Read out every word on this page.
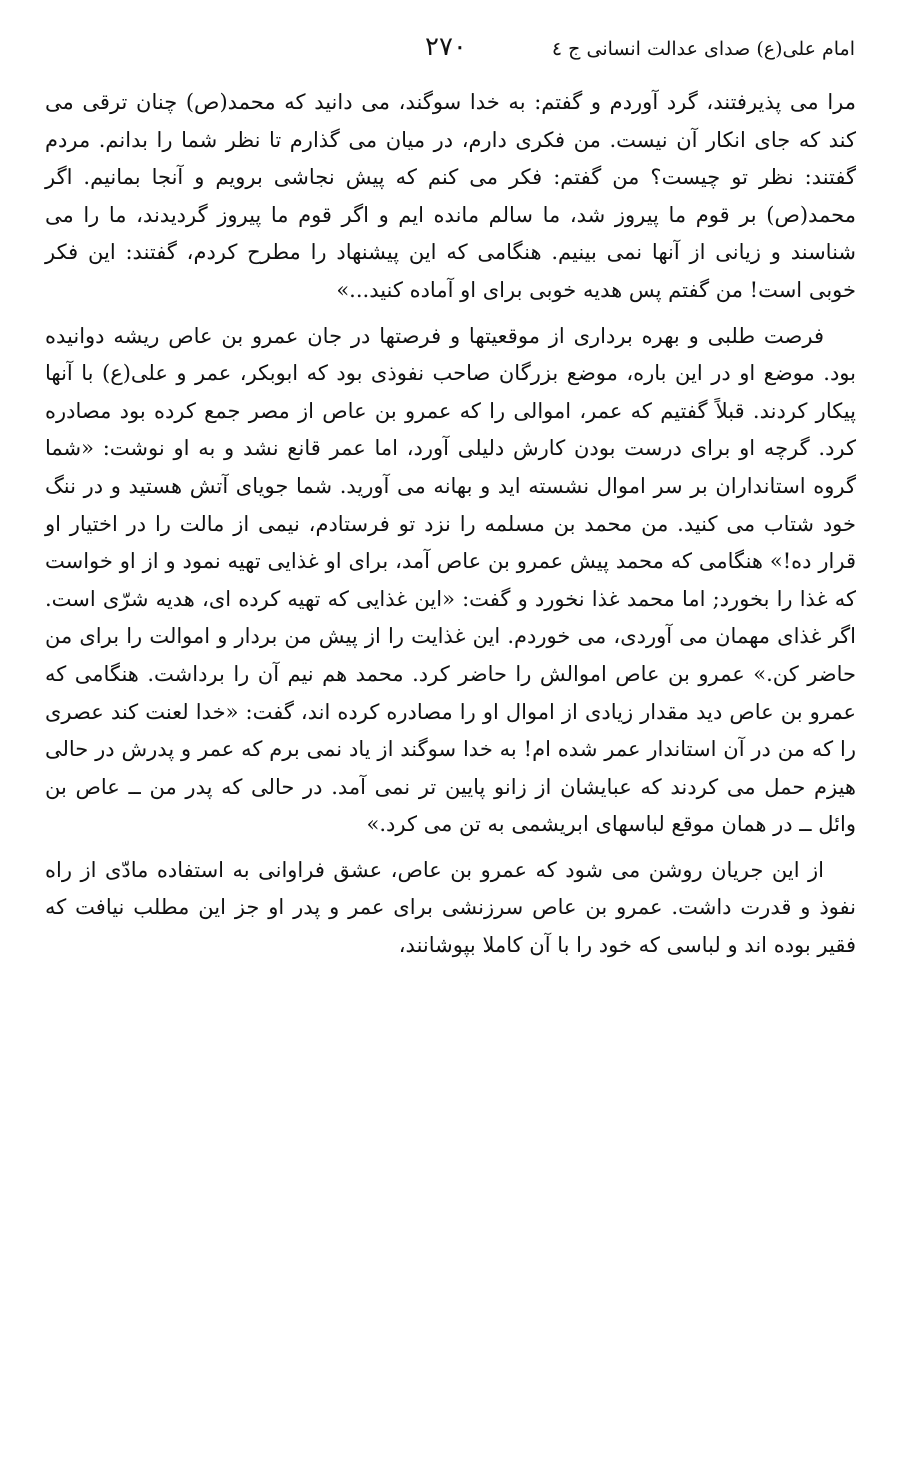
امام علی(ع) صدای عدالت انسانی ج ٤
۲۷۰

مرا می پذیرفتند، گرد آوردم و گفتم: به خدا سوگند، می دانید که محمد(ص) چنان ترقی می کند که جای انکار آن نیست. من فکری دارم، در میان می گذارم تا نظر شما را بدانم. مردم گفتند: نظر تو چیست؟ من گفتم: فکر می کنم که پیش نجاشی برویم و آنجا بمانیم. اگر محمد(ص) بر قوم ما پیروز شد، ما سالم مانده ایم و اگر قوم ما پیروز گردیدند، ما را می شناسند و زیانی از آنها نمی بینیم. هنگامی که این پیشنهاد را مطرح کردم، گفتند: این فکر خوبی است! من گفتم پس هدیه خوبی برای او آماده کنید...»

فرصت طلبی و بهره برداری از موقعیتها و فرصتها در جان عمرو بن عاص ریشه دوانیده بود. موضع او در این باره، موضع بزرگان صاحب نفوذی بود که ابوبکر، عمر و علی(ع) با آنها پیکار کردند. قبلاً گفتیم که عمر، اموالی را که عمرو بن عاص از مصر جمع کرده بود مصادره کرد. گرچه او برای درست بودن کارش دلیلی آورد، اما عمر قانع نشد و به او نوشت: «شما گروه استانداران بر سر اموال نشسته اید و بهانه می آورید. شما جویای آتش هستید و در ننگ خود شتاب می کنید. من محمد بن مسلمه را نزد تو فرستادم، نیمی از مالت را در اختیار او قرار ده!» هنگامی که محمد پیش عمرو بن عاص آمد، برای او غذایی تهیه نمود و از او خواست که غذا را بخورد; اما محمد غذا نخورد و گفت: «این غذایی که تهیه کرده ای، هدیه شرّی است. اگر غذای مهمان می آوردی، می خوردم. این غذایت را از پیش من بردار و اموالت را برای من حاضر کن.» عمرو بن عاص اموالش را حاضر کرد. محمد هم نیم آن را برداشت. هنگامی که عمرو بن عاص دید مقدار زیادی از اموال او را مصادره کرده اند، گفت: «خدا لعنت کند عصری را که من در آن استاندار عمر شده ام! به خدا سوگند از یاد نمی برم که عمر و پدرش در حالی هیزم حمل می کردند که عبایشان از زانو پایین تر نمی آمد. در حالی که پدر من ــ عاص بن وائل ــ در همان موقع لباسهای ابریشمی به تن می کرد.»

از این جریان روشن می شود که عمرو بن عاص، عشق فراوانی به استفاده مادّی از راه نفوذ و قدرت داشت. عمرو بن عاص سرزنشی برای عمر و پدر او جز این مطلب نیافت که فقیر بوده اند و لباسی که خود را با آن کاملا بپوشانند،
